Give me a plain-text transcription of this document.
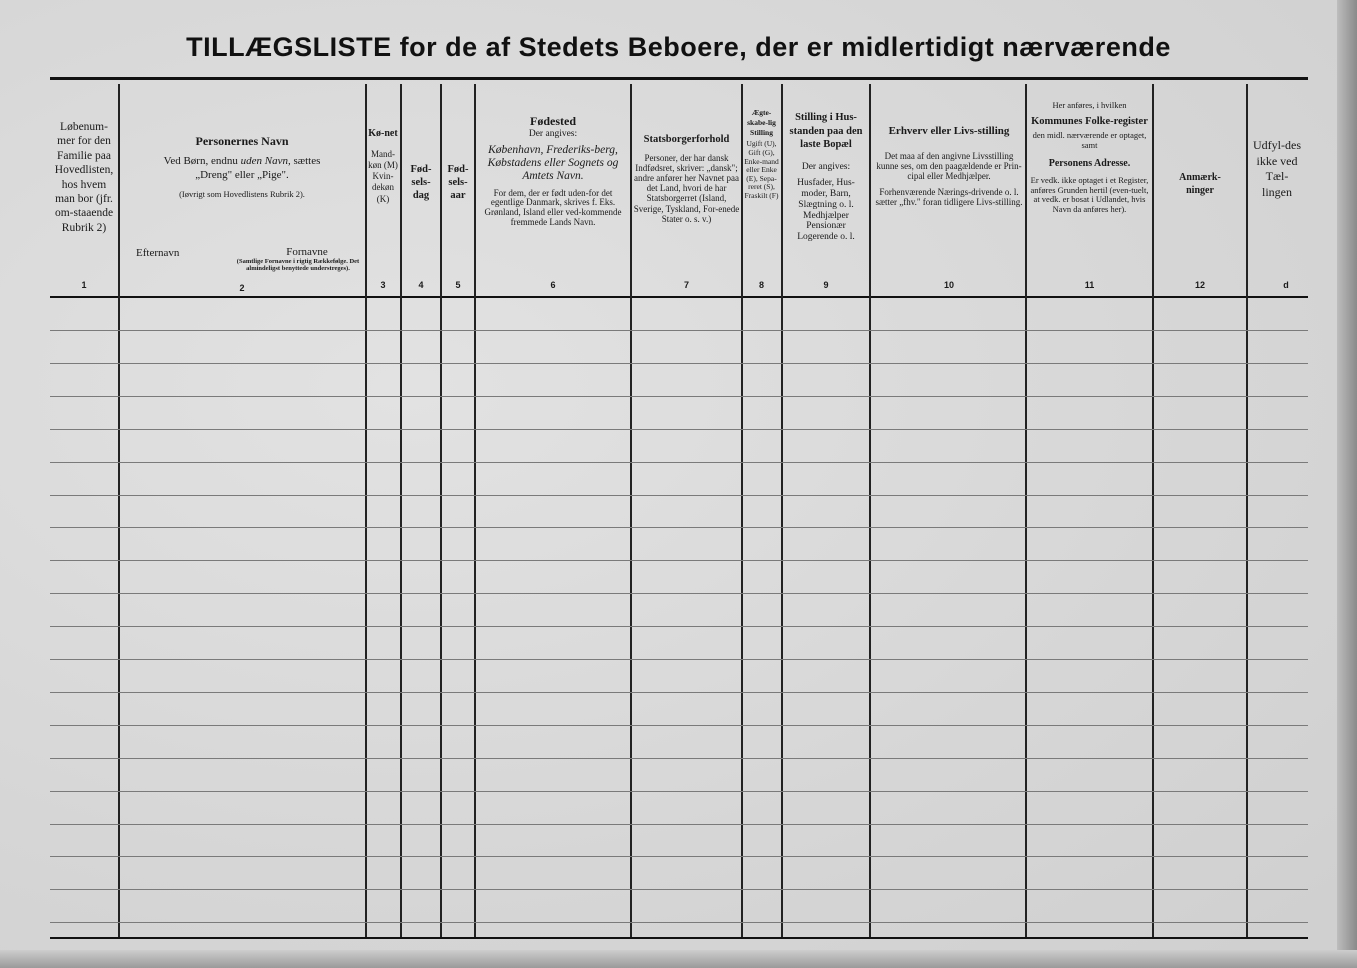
TILLÆGSLISTE for de af Stedets Beboere, der er midlertidigt nærværende
Løbenum-mer for den Familie paa Hovedlisten, hos hvem man bor (jfr. om-staaende Rubrik 2)
1
Personernes Navn
Ved Børn, endnu uden Navn, sættes
„Dreng" eller „Pige".
(Iøvrigt som Hovedlistens Rubrik 2).
Efternavn	Fornavne
(Samtlige Fornavne i rigtig Rækkefølge. Det almindeligst benyttede understreges).
2
Kø-net
Mand-køn (M) Kvin-dekøn (K)
3
Fød-sels-dag
4
Fød-sels-aar
5
Fødested
Der angives:
København, Frederiks-berg, Købstadens eller Sognets og Amtets Navn.
For dem, der er født uden-for det egentlige Danmark, skrives f. Eks. Grønland, Island eller ved-kommende fremmede Lands Navn.
6
Statsborgerforhold
Personer, der har dansk Indfødsret, skriver: „dansk"; andre anfører her Navnet paa det Land, hvori de har Statsborgerret (Island, Sverige, Tyskland, For-enede Stater o. s. v.)
7
Ægte-skabe-lig Stilling
Ugift (U), Gift (G), Enke-mand eller Enke (E), Sepa-reret (S), Fraskilt (F)
8
Stilling i Hus-standen paa den laste Bopæl
Der angives:
Husfader, Hus-moder, Barn, Slægtning o. l. Medhjælper Pensionær Logerende o. l.
9
Erhverv eller Livs-stilling
Det maa af den angivne Livsstilling kunne ses, om den paagældende er Prin-cipal eller Medhjælper.
Forhenværende Nærings-drivende o. l. sætter „fhv." foran tidligere Livs-stilling.
10
Her anføres, i hvilken
Kommunes Folke-register
den midl. nærværende er optaget, samt
Personens Adresse.
Er vedk. ikke optaget i et Register, anføres Grunden hertil (even-tuelt, at vedk. er bosat i Udlandet, hvis Navn da anføres her).
11
Anmærk-ninger
12
Udfyl-des ikke ved Tæl-lingen
d
